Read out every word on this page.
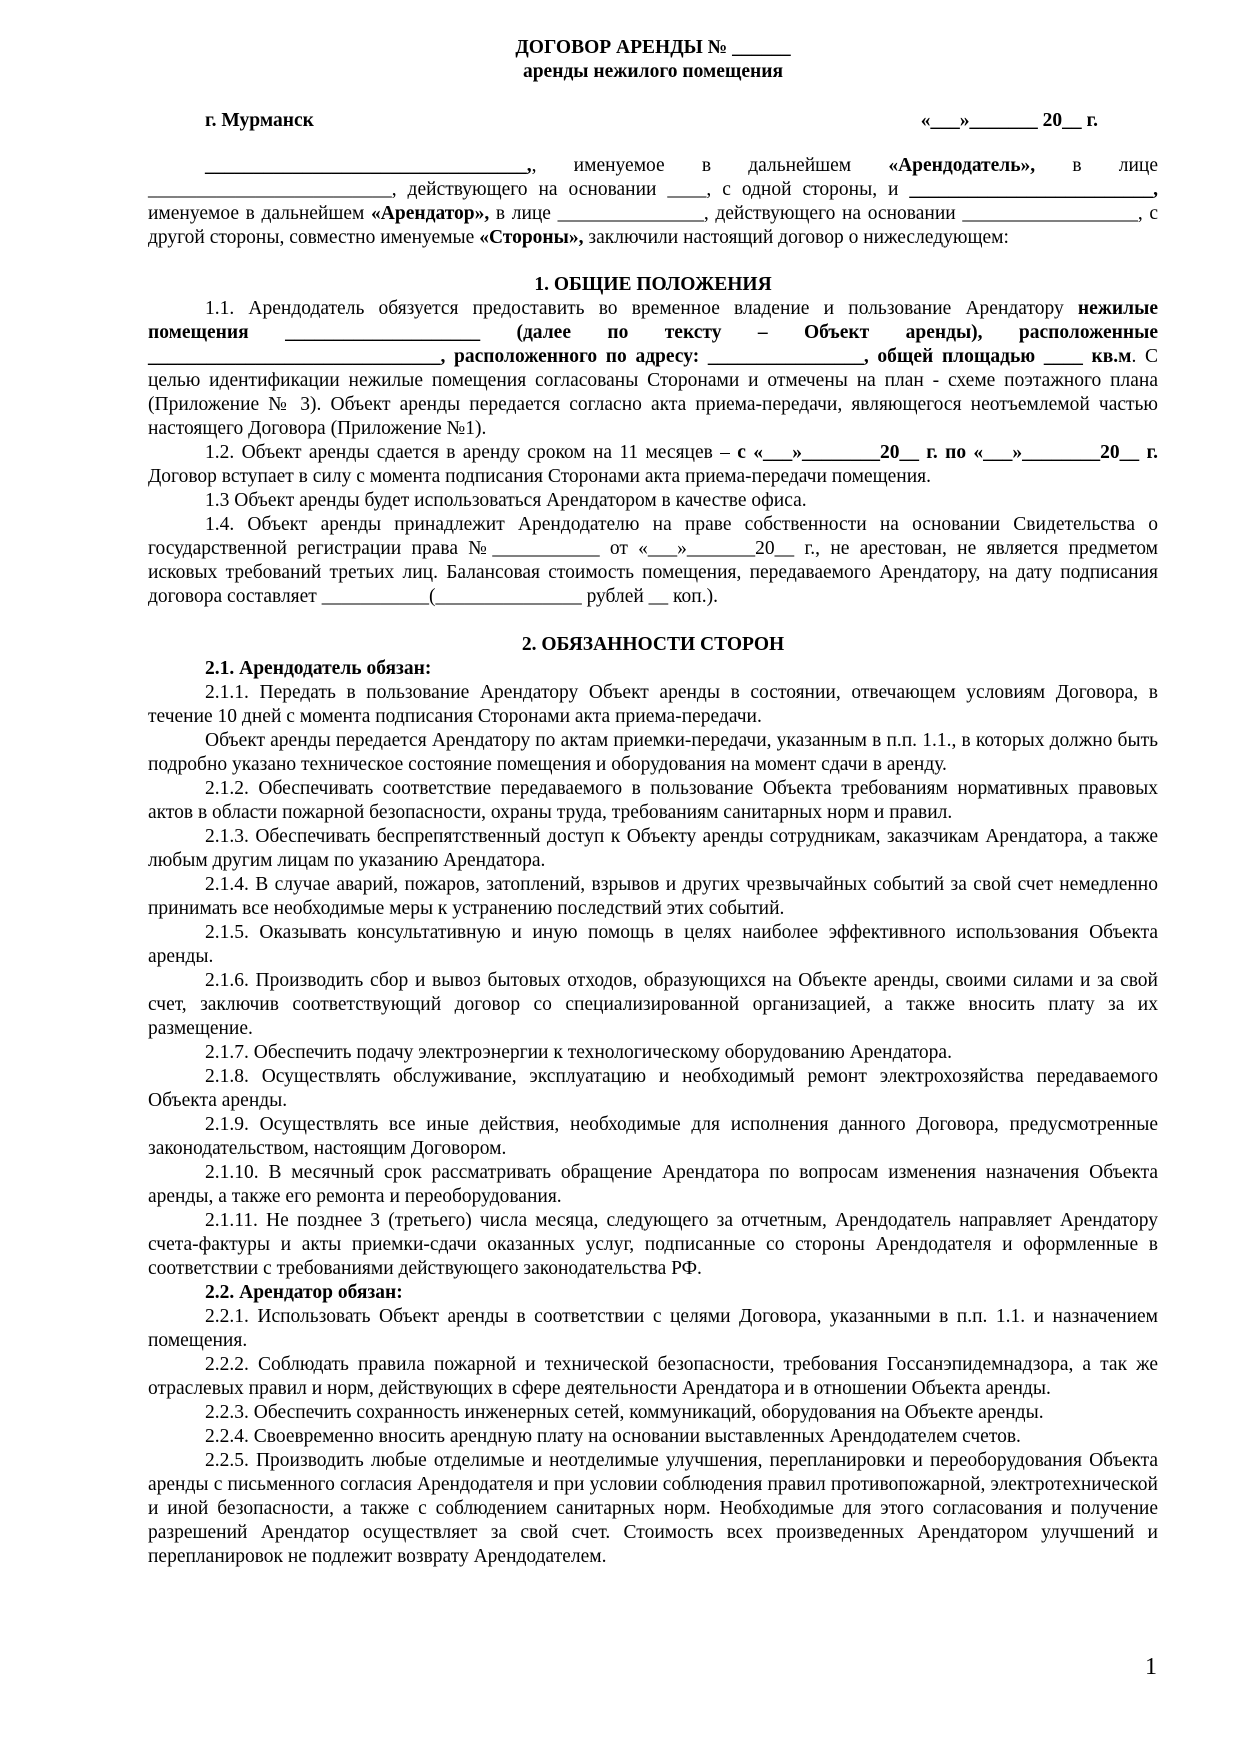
ДОГОВОР АРЕНДЫ № ______
аренды нежилого помещения
г. Мурманск	«___»_______ 20__ г.
_________________________________,, именуемое в дальнейшем «Арендодатель», в лице _________________________, действующего на основании ____, с одной стороны, и _________________________, именуемое в дальнейшем «Арендатор», в лице _______________, действующего на основании __________________, с другой стороны, совместно именуемые «Стороны», заключили настоящий договор о нижеследующем:
1. ОБЩИЕ ПОЛОЖЕНИЯ
1.1. Арендодатель обязуется предоставить во временное владение и пользование Арендатору нежилые помещения ____________________ (далее по тексту – Объект аренды), расположенные ______________________________, расположенного по адресу: ________________, общей площадью ____ кв.м. С целью идентификации нежилые помещения согласованы Сторонами и отмечены на план - схеме поэтажного плана (Приложение № 3). Объект аренды передается согласно акта приема-передачи, являющегося неотъемлемой частью настоящего Договора (Приложение №1).
1.2. Объект аренды сдается в аренду сроком на 11 месяцев – с «___»________20__ г. по «___»________20__ г. Договор вступает в силу с момента подписания Сторонами акта приема-передачи помещения.
1.3 Объект аренды будет использоваться Арендатором в качестве офиса.
1.4. Объект аренды принадлежит Арендодателю на праве собственности на основании Свидетельства о государственной регистрации права №___________ от «___»_______20__ г., не арестован, не является предметом исковых требований третьих лиц. Балансовая стоимость помещения, передаваемого Арендатору, на дату подписания договора составляет ___________(_______________ рублей __ коп.).
2. ОБЯЗАННОСТИ СТОРОН
2.1. Арендодатель обязан:
2.1.1. Передать в пользование Арендатору Объект аренды в состоянии, отвечающем условиям Договора, в течение 10 дней с момента подписания Сторонами акта приема-передачи.
Объект аренды передается Арендатору по актам приемки-передачи, указанным в п.п. 1.1., в которых должно быть подробно указано техническое состояние помещения и оборудования на момент сдачи в аренду.
2.1.2. Обеспечивать соответствие передаваемого в пользование Объекта требованиям нормативных правовых актов в области пожарной безопасности, охраны труда, требованиям санитарных норм и правил.
2.1.3. Обеспечивать беспрепятственный доступ к Объекту аренды сотрудникам, заказчикам Арендатора, а также любым другим лицам по указанию Арендатора.
2.1.4. В случае аварий, пожаров, затоплений, взрывов и других чрезвычайных событий за свой счет немедленно принимать все необходимые меры к устранению последствий этих событий.
2.1.5. Оказывать консультативную и иную помощь в целях наиболее эффективного использования Объекта аренды.
2.1.6. Производить сбор и вывоз бытовых отходов, образующихся на Объекте аренды, своими силами и за свой счет, заключив соответствующий договор со специализированной организацией, а также вносить плату за их размещение.
2.1.7. Обеспечить подачу электроэнергии к технологическому оборудованию Арендатора.
2.1.8. Осуществлять обслуживание, эксплуатацию и необходимый ремонт электрохозяйства передаваемого Объекта аренды.
2.1.9. Осуществлять все иные действия, необходимые для исполнения данного Договора, предусмотренные законодательством, настоящим Договором.
2.1.10. В месячный срок рассматривать обращение Арендатора по вопросам изменения назначения Объекта аренды, а также его ремонта и переоборудования.
2.1.11. Не позднее 3 (третьего) числа месяца, следующего за отчетным, Арендодатель направляет Арендатору счета-фактуры и акты приемки-сдачи оказанных услуг, подписанные со стороны Арендодателя и оформленные в соответствии с требованиями действующего законодательства РФ.
2.2. Арендатор обязан:
2.2.1. Использовать Объект аренды в соответствии с целями Договора, указанными в п.п. 1.1. и назначением помещения.
2.2.2. Соблюдать правила пожарной и технической безопасности, требования Госсанэпидемнадзора, а так же отраслевых правил и норм, действующих в сфере деятельности Арендатора и в отношении Объекта аренды.
2.2.3. Обеспечить сохранность инженерных сетей, коммуникаций, оборудования на Объекте аренды.
2.2.4. Своевременно вносить арендную плату на основании выставленных Арендодателем счетов.
2.2.5. Производить любые отделимые и неотделимые улучшения, перепланировки и переоборудования Объекта аренды с письменного согласия Арендодателя и при условии соблюдения правил противопожарной, электротехнической и иной безопасности, а также с соблюдением санитарных норм. Необходимые для этого согласования и получение разрешений Арендатор осуществляет за свой счет. Стоимость всех произведенных Арендатором улучшений и перепланировок не подлежит возврату Арендодателем.
1
